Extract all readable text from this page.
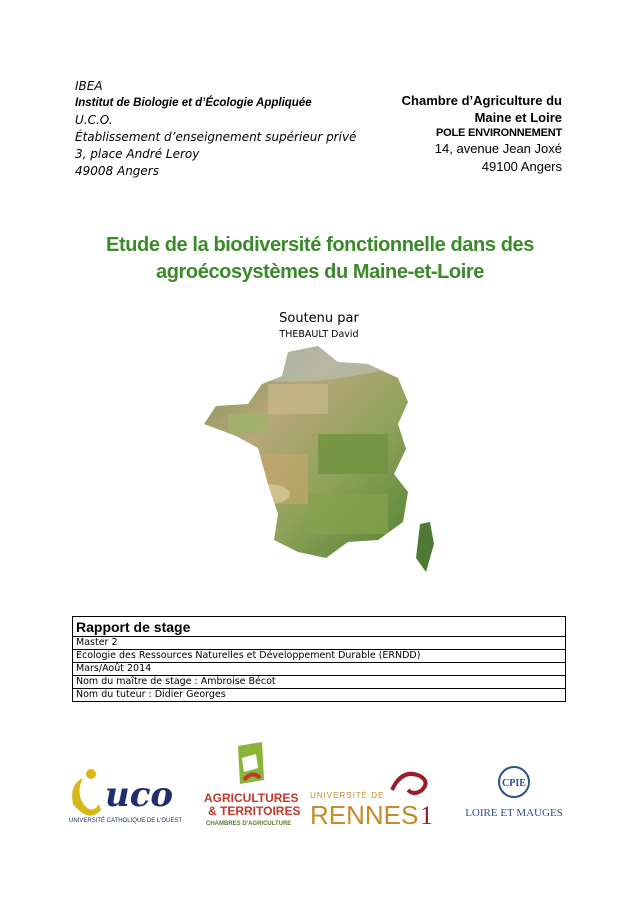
IBEA
Institut de Biologie et d’Écologie Appliquée
U.C.O.
Établissement d’enseignement supérieur privé
3, place André Leroy
49008 Angers
Chambre d’Agriculture du
Maine et Loire
POLE ENVIRONNEMENT
14, avenue Jean Joxé
49100 Angers
Etude de la biodiversité fonctionnelle dans des
agroécosystèmes du Maine-et-Loire
Soutenu par
THEBAULT David
Rapport de stage
Master 2
Ecologie des Ressources Naturelles et Développement Durable (ERNDD)
Mars/Août 2014
Nom du maître de stage : Ambroise Bécot
Nom du tuteur : Didier Georges
uco
UNIVERSITÉ CATHOLIQUE DE L'OUEST
AGRICULTURES
& TERRITOIRES
CHAMBRES D'AGRICULTURE
UNIVERSITÉ DE
RENNES 1
CPIE
LOIRE ET MAUGES
